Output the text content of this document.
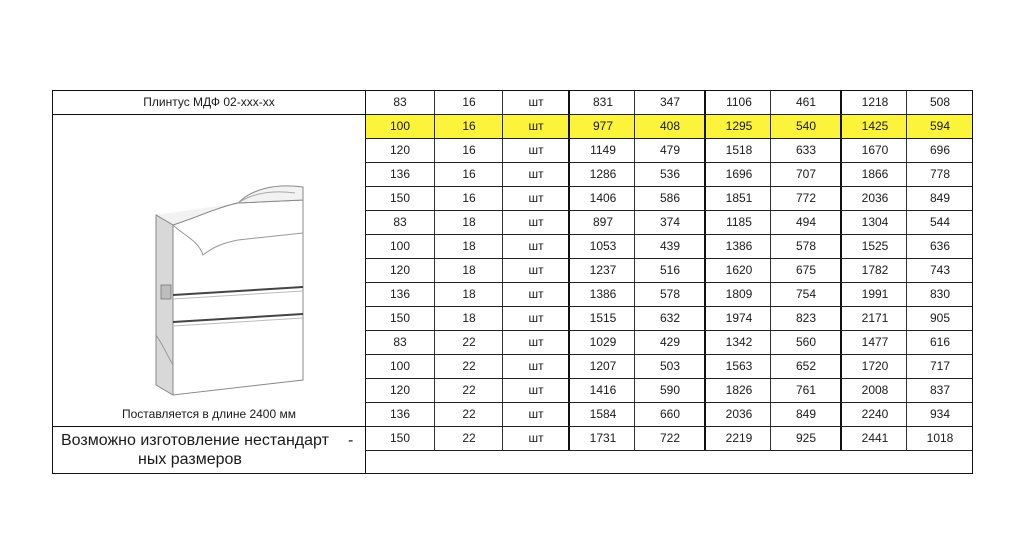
Плинтус МДФ 02-xxx-xx
Поставляется в длине 2400 мм
Возможно изготовление нестандарт -
ных размеров
83	16	шт	831	347	1106	461	1218	508
100	16	шт	977	408	1295	540	1425	594
120	16	шт	1149	479	1518	633	1670	696
136	16	шт	1286	536	1696	707	1866	778
150	16	шт	1406	586	1851	772	2036	849
83	18	шт	897	374	1185	494	1304	544
100	18	шт	1053	439	1386	578	1525	636
120	18	шт	1237	516	1620	675	1782	743
136	18	шт	1386	578	1809	754	1991	830
150	18	шт	1515	632	1974	823	2171	905
83	22	шт	1029	429	1342	560	1477	616
100	22	шт	1207	503	1563	652	1720	717
120	22	шт	1416	590	1826	761	2008	837
136	22	шт	1584	660	2036	849	2240	934
150	22	шт	1731	722	2219	925	2441	1018
